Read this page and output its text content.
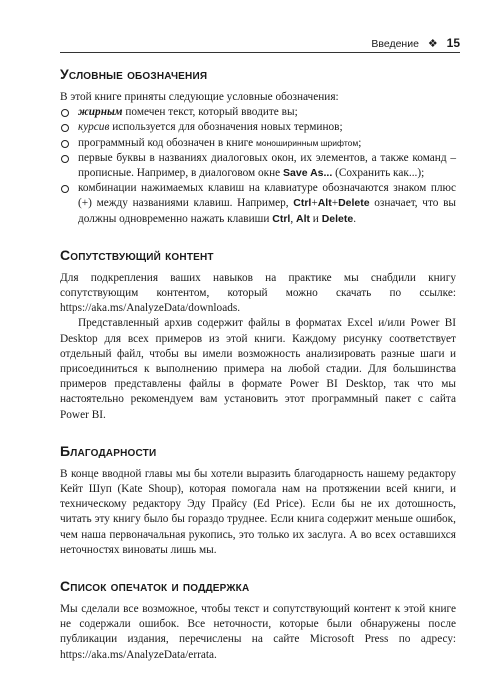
Введение ❖ 15
Условные обозначения

В этой книге приняты следующие условные обозначения:

жирным помечен текст, который вводите вы;
курсив используется для обозначения новых терминов;
программный код обозначен в книге моноширинным шрифтом;
первые буквы в названиях диалоговых окон, их элементов, а также команд – прописные. Например, в диалоговом окне Save As... (Сохранить как...);
комбинации нажимаемых клавиш на клавиатуре обозначаются знаком плюс (+) между названиями клавиш. Например, Ctrl+Alt+Delete означает, что вы должны одновременно нажать клавиши Ctrl, Alt и Delete.
Сопутствующий контент

Для подкрепления ваших навыков на практике мы снабдили книгу сопутствующим контентом, который можно скачать по ссылке: https://aka.ms/AnalyzeData/downloads.

Представленный архив содержит файлы в форматах Excel и/или Power BI Desktop для всех примеров из этой книги. Каждому рисунку соответствует отдельный файл, чтобы вы имели возможность анализировать разные шаги и присоединиться к выполнению примера на любой стадии. Для большинства примеров представлены файлы в формате Power BI Desktop, так что мы настоятельно рекомендуем вам установить этот программный пакет с сайта Power BI.

Благодарности

В конце вводной главы мы бы хотели выразить благодарность нашему редактору Кейт Шуп (Kate Shoup), которая помогала нам на протяжении всей книги, и техническому редактору Эду Прайсу (Ed Price). Если бы не их дотошность, читать эту книгу было бы гораздо труднее. Если книга содержит меньше ошибок, чем наша первоначальная рукопись, это только их заслуга. А во всех оставшихся неточностях виноваты лишь мы.

Список опечаток и поддержка

Мы сделали все возможное, чтобы текст и сопутствующий контент к этой книге не содержали ошибок. Все неточности, которые были обнаружены после публикации издания, перечислены на сайте Microsoft Press по адресу: https://aka.ms/AnalyzeData/errata.
